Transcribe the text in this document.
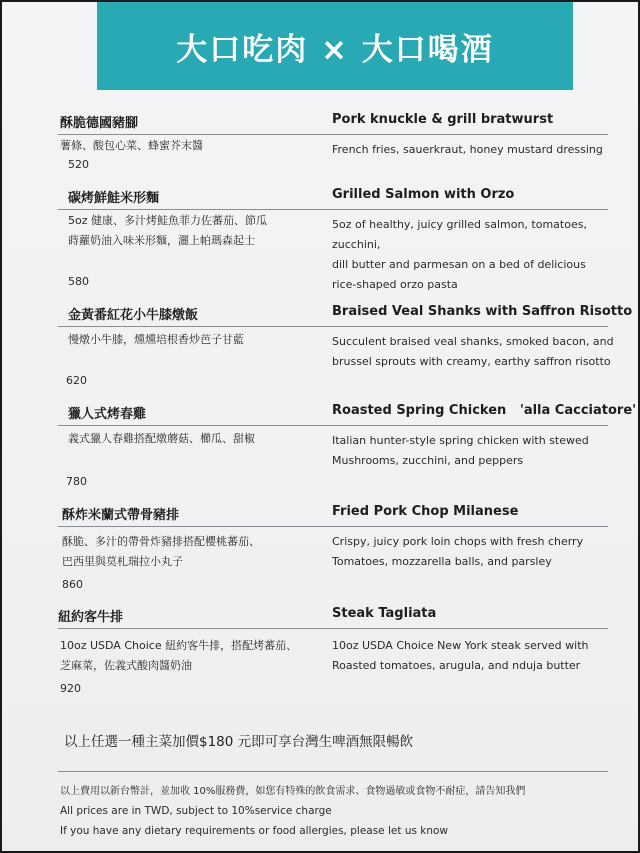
大口吃肉 × 大口喝酒
酥脆德國豬腳	Pork knuckle & grill bratwurst
薯條、酸包心菜、蜂蜜芥末醬	French fries, sauerkraut, honey mustard dressing
520
碳烤鮮鮭米形麵	Grilled Salmon with Orzo
5oz 健康、多汁烤鮭魚菲力佐蕃茄、節瓜
蒔蘿奶油入味米形麵，灑上帕瑪森起士
5oz of healthy, juicy grilled salmon, tomatoes, zucchini,
dill butter and parmesan on a bed of delicious
rice-shaped orzo pasta
580
金黃番紅花小牛膝燉飯	Braised Veal Shanks with Saffron Risotto
慢燉小牛膝，燻燻培根香炒芭子甘藍	Succulent braised veal shanks, smoked bacon, and
brussel sprouts with creamy, earthy saffron risotto
620
獵人式烤春雞	Roasted Spring Chicken   'alla Cacciatore'
義式獵人春雞搭配燉蘑菇、櫛瓜、甜椒	Italian hunter-style spring chicken with stewed
Mushrooms, zucchini, and peppers
780
酥炸米蘭式帶骨豬排	Fried Pork Chop Milanese
酥脆、多汁的帶骨炸豬排搭配櫻桃蕃茄、
巴西里與莫札瑞拉小丸子
Crispy, juicy pork loin chops with fresh cherry
Tomatoes, mozzarella balls, and parsley
860
紐約客牛排	Steak Tagliata
10oz USDA Choice 紐約客牛排，搭配烤蕃茄、
芝麻菜，佐義式酸肉醬奶油
10oz USDA Choice New York steak served with
Roasted tomatoes, arugula, and nduja butter
920
以上任選一種主菜加價$180 元即可享台灣生啤酒無限暢飲
以上費用以新台幣計，並加收 10%服務費，如您有特殊的飲食需求、食物過敏或食物不耐症，請告知我們
All prices are in TWD, subject to 10%service charge
If you have any dietary requirements or food allergies, please let us know
